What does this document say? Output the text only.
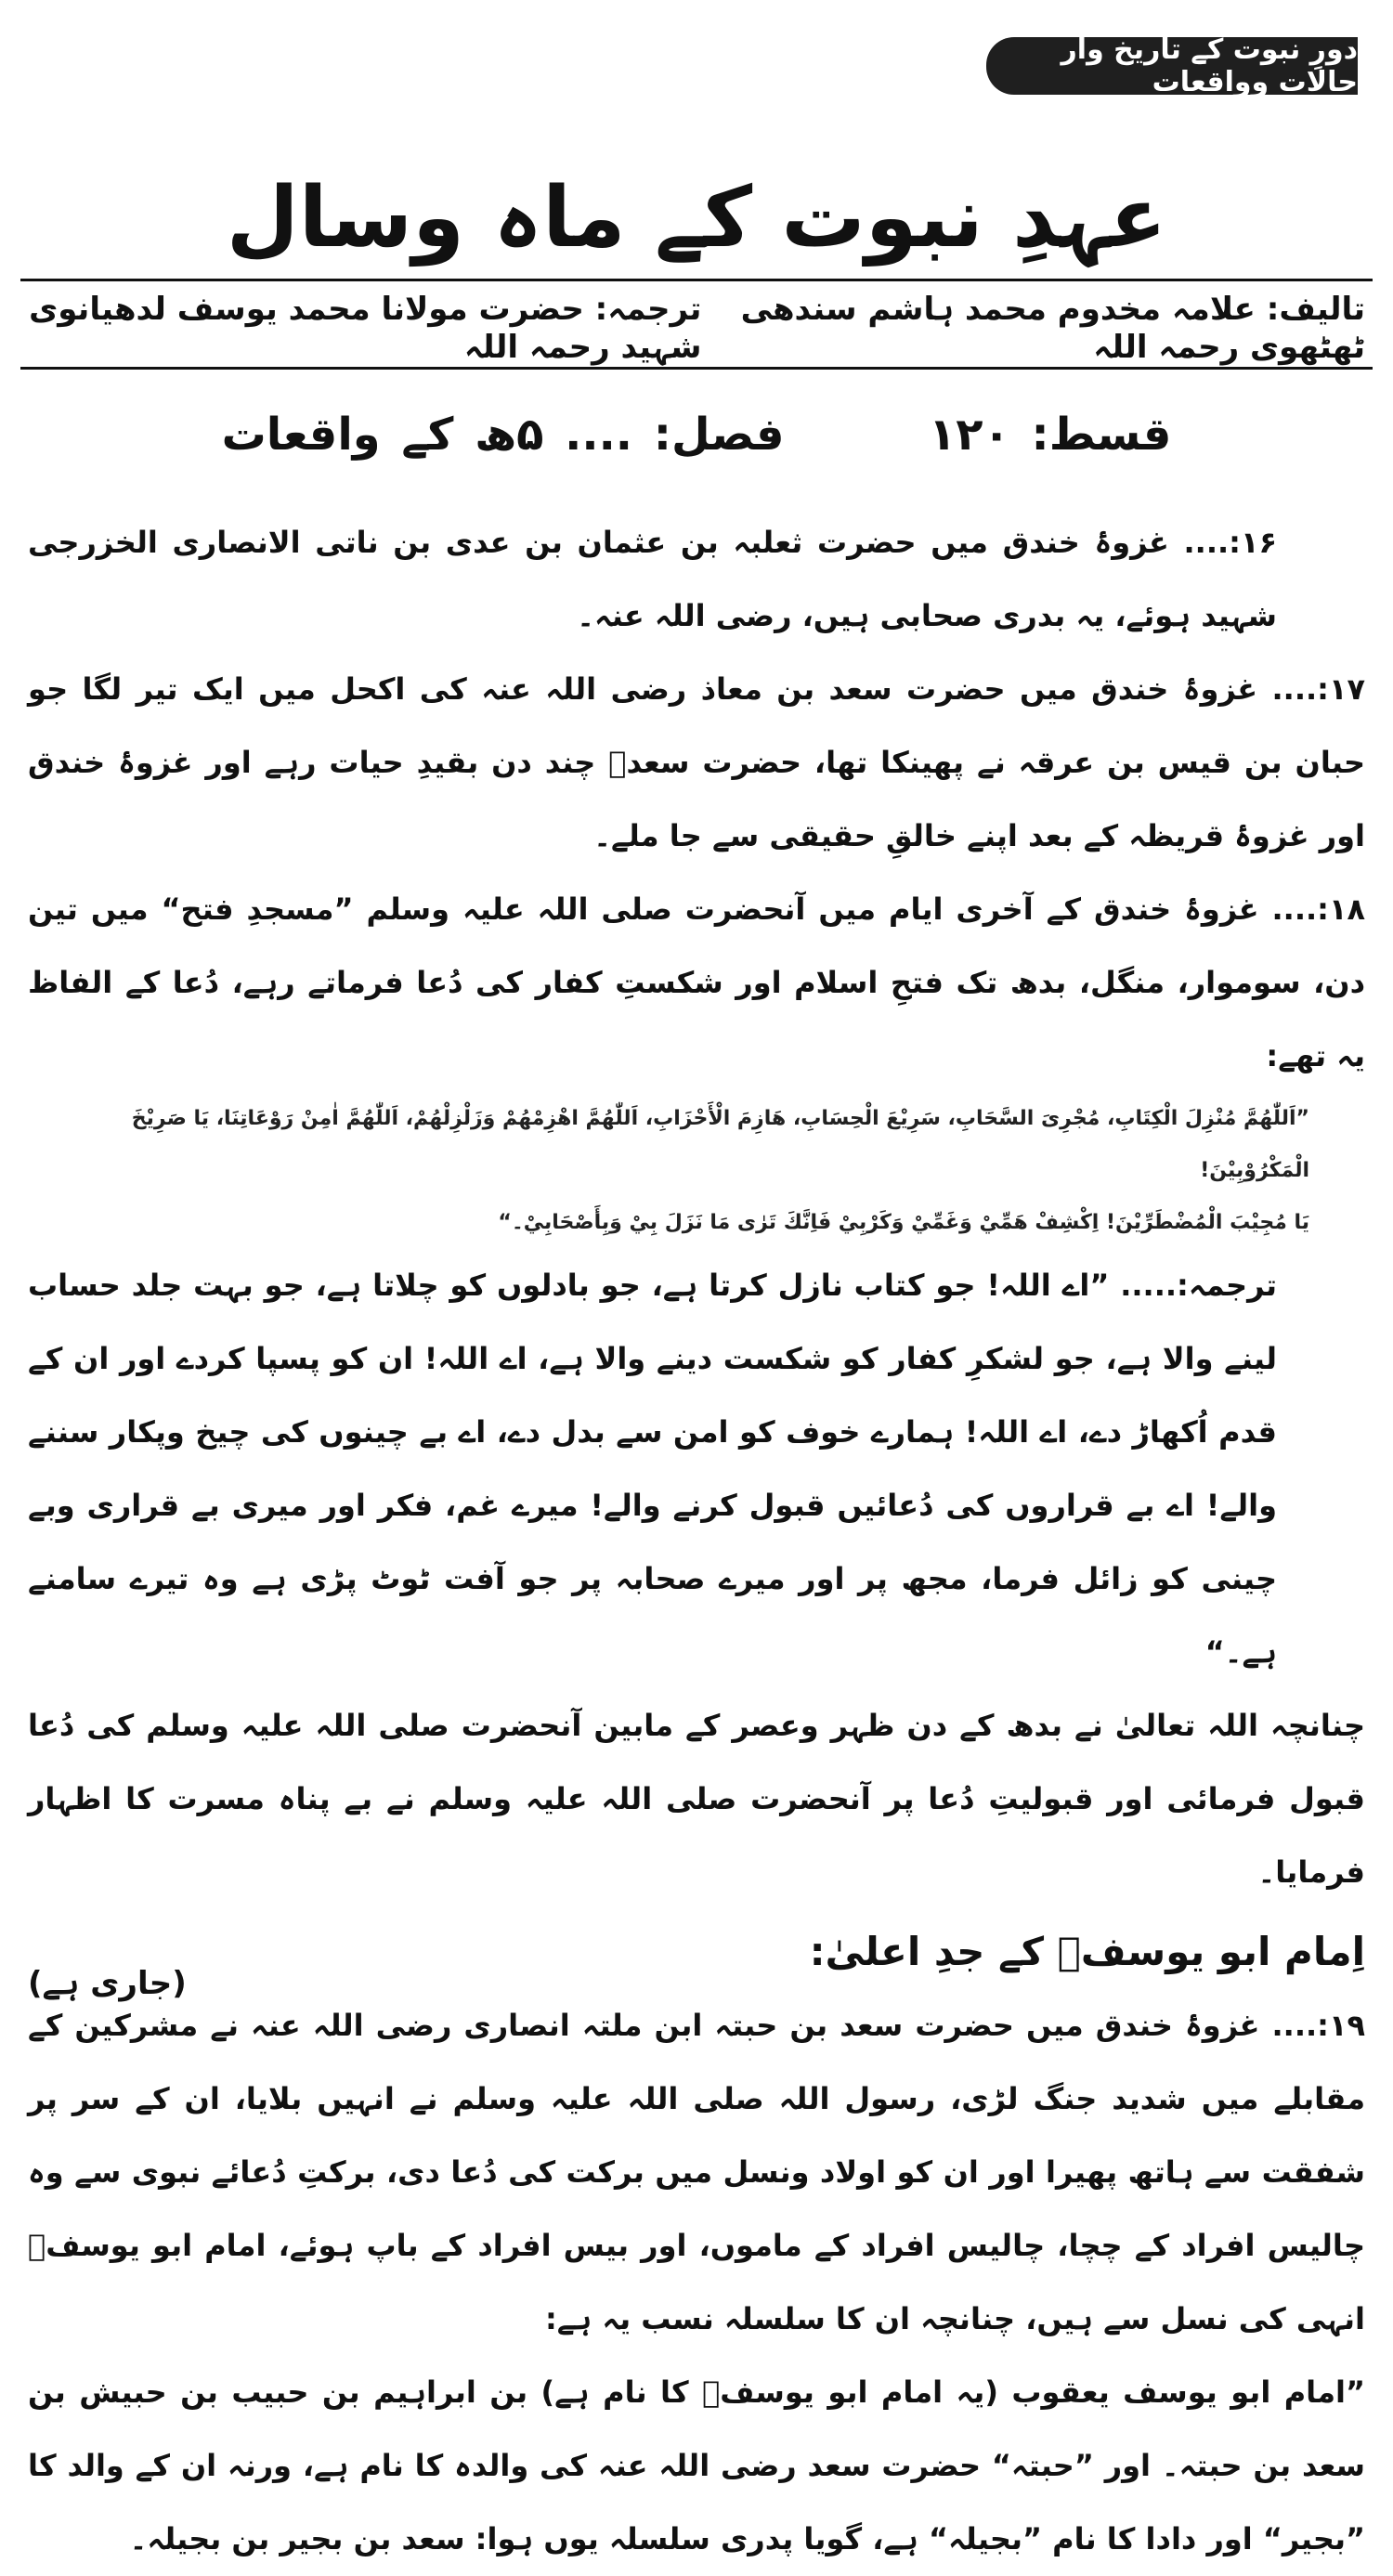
دورِ نبوت کے تاریخ وار حالات وواقعات
عہدِ نبوت کے ماہ وسال
تالیف: علامہ مخدوم محمد ہاشم سندھی ٹھٹھوی رحمہ اللہ
ترجمہ: حضرت مولانا محمد یوسف لدھیانوی شہید رحمہ اللہ
قسط: ۱۲۰  فصل: .... ۵ھ کے واقعات

۱۶:.... غزوۂ خندق میں حضرت ثعلبہ بن عثمان بن عدی بن ناتی الانصاری الخزرجی شہید ہوئے، یہ بدری صحابی ہیں، رضی اللہ عنہ۔

۱۷:.... غزوۂ خندق میں حضرت سعد بن معاذ رضی اللہ عنہ کی اکحل میں ایک تیر لگا جو حبان بن قیس بن عرقہ نے پھینکا تھا، حضرت سعدؓ چند دن بقیدِ حیات رہے اور غزوۂ خندق اور غزوۂ قریظہ کے بعد اپنے خالقِ حقیقی سے جا ملے۔

۱۸:.... غزوۂ خندق کے آخری ایام میں آنحضرت صلی اللہ علیہ وسلم ”مسجدِ فتح“ میں تین دن، سوموار، منگل، بدھ تک فتحِ اسلام اور شکستِ کفار کی دُعا فرماتے رہے، دُعا کے الفاظ یہ تھے:

”اَللّٰهُمَّ مُنْزِلَ الْكِتَابِ، مُجْرِیَ السَّحَابِ، سَرِيْعَ الْحِسَابِ، هَازِمَ الْأَحْزَابِ، اَللّٰهُمَّ اهْزِمْهُمْ وَزَلْزِلْهُمْ، اَللّٰهُمَّ اٰمِنْ رَوْعَاتِنَا، يَا صَرِيْخَ الْمَكْرُوْبِيْنَ!

يَا مُجِيْبَ الْمُضْطَرِّيْنَ! اِكْشِفْ هَمِّيْ وَغَمِّيْ وَكَرْبِيْ فَاِنَّكَ تَرٰى مَا نَزَلَ بِيْ وَبِأَصْحَابِيْ۔“

ترجمہ:..... ”اے اللہ! جو کتاب نازل کرتا ہے، جو بادلوں کو چلاتا ہے، جو بہت جلد حساب لینے والا ہے، جو لشکرِ کفار کو شکست دینے والا ہے، اے اللہ! ان کو پسپا کردے اور ان کے قدم اُکھاڑ دے، اے اللہ! ہمارے خوف کو امن سے بدل دے، اے بے چینوں کی چیخ وپکار سننے والے! اے بے قراروں کی دُعائیں قبول کرنے والے! میرے غم، فکر اور میری بے قراری وبے چینی کو زائل فرما، مجھ پر اور میرے صحابہ پر جو آفت ٹوٹ پڑی ہے وہ تیرے سامنے ہے۔“

چنانچہ اللہ تعالیٰ نے بدھ کے دن ظہر وعصر کے مابین آنحضرت صلی اللہ علیہ وسلم کی دُعا قبول فرمائی اور قبولیتِ دُعا پر آنحضرت صلی اللہ علیہ وسلم نے بے پناہ مسرت کا اظہار فرمایا۔

اِمام ابو یوسفؒ کے جدِ اعلیٰ:

۱۹:.... غزوۂ خندق میں حضرت سعد بن حبتہ ابن ملتہ انصاری رضی اللہ عنہ نے مشرکین کے مقابلے میں شدید جنگ لڑی، رسول اللہ صلی اللہ علیہ وسلم نے انہیں بلایا، ان کے سر پر شفقت سے ہاتھ پھیرا اور ان کو اولاد ونسل میں برکت کی دُعا دی، برکتِ دُعائے نبوی سے وہ چالیس افراد کے چچا، چالیس افراد کے ماموں، اور بیس افراد کے باپ ہوئے، امام ابو یوسفؒ انہی کی نسل سے ہیں، چنانچہ ان کا سلسلہ نسب یہ ہے:

”امام ابو یوسف یعقوب (یہ امام ابو یوسفؒ کا نام ہے) بن ابراہیم بن حبیب بن حبیش بن سعد بن حبتہ۔ اور ”حبتہ“ حضرت سعد رضی اللہ عنہ کی والدہ کا نام ہے، ورنہ ان کے والد کا ”بجیر“ اور دادا کا نام ”بجیلہ“ ہے، گویا پدری سلسلہ یوں ہوا: سعد بن بجیر بن بجیلہ۔

(جاری ہے)
